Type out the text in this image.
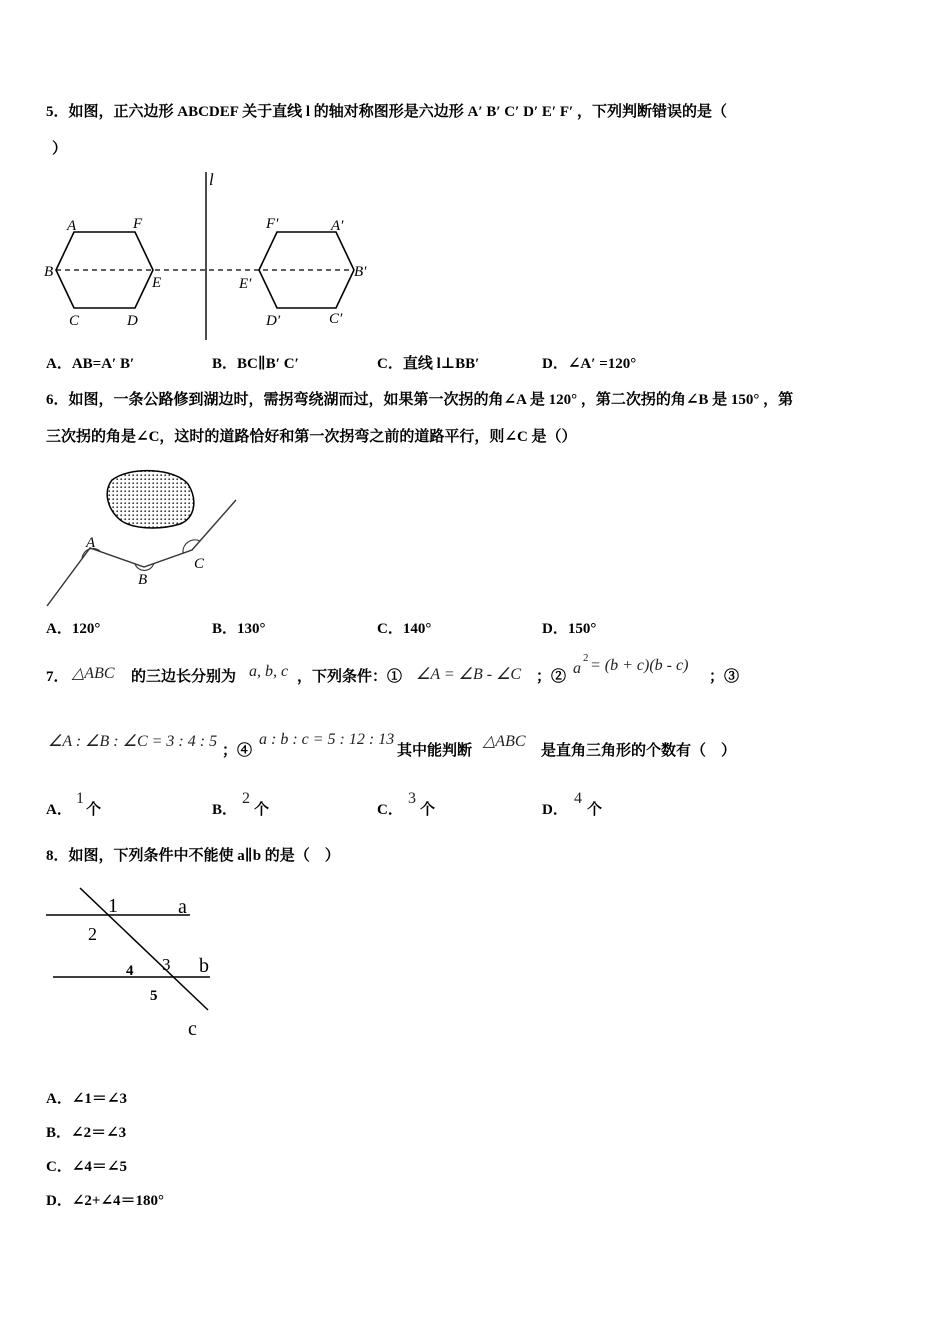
5．如图，正六边形 ABCDEF 关于直线 l 的轴对称图形是六边形 A′ B′ C′ D′ E′ F′ ，下列判断错误的是（
）
l
A	F
B
E
C	D
F′	A′
E′
B′
D′	C′
A．AB=A′ B′	B．BC∥B′ C′	C．直线 l⊥BB′	D．∠A′ =120°
6．如图，一条公路修到湖边时，需拐弯绕湖而过，如果第一次拐的角∠A 是 120° ，第二次拐的角∠B 是 150° ，第
三次拐的角是∠C，这时的道路恰好和第一次拐弯之前的道路平行，则∠C 是（）
A
B
C
A．120°	B．130°	C．140°	D．150°
7． △ABC 的三边长分别为 a, b, c ，下列条件：① ∠A = ∠B - ∠C ；② a
2 = (b + c)(b - c)
；③
∠A : ∠B : ∠C = 3 : 4 : 5
；④
a : b : c = 5 : 12 : 13
其中能判断
△ABC
是直角三角形的个数有（　）
A．
1
个	B．
2
个	C．
3
个	D．
4
个
8．如图，下列条件中不能使 a∥b 的是（　）
1	a
2
4 3 b
5
c
A．∠1＝∠3
B．∠2＝∠3
C．∠4＝∠5
D．∠2+∠4＝180°
